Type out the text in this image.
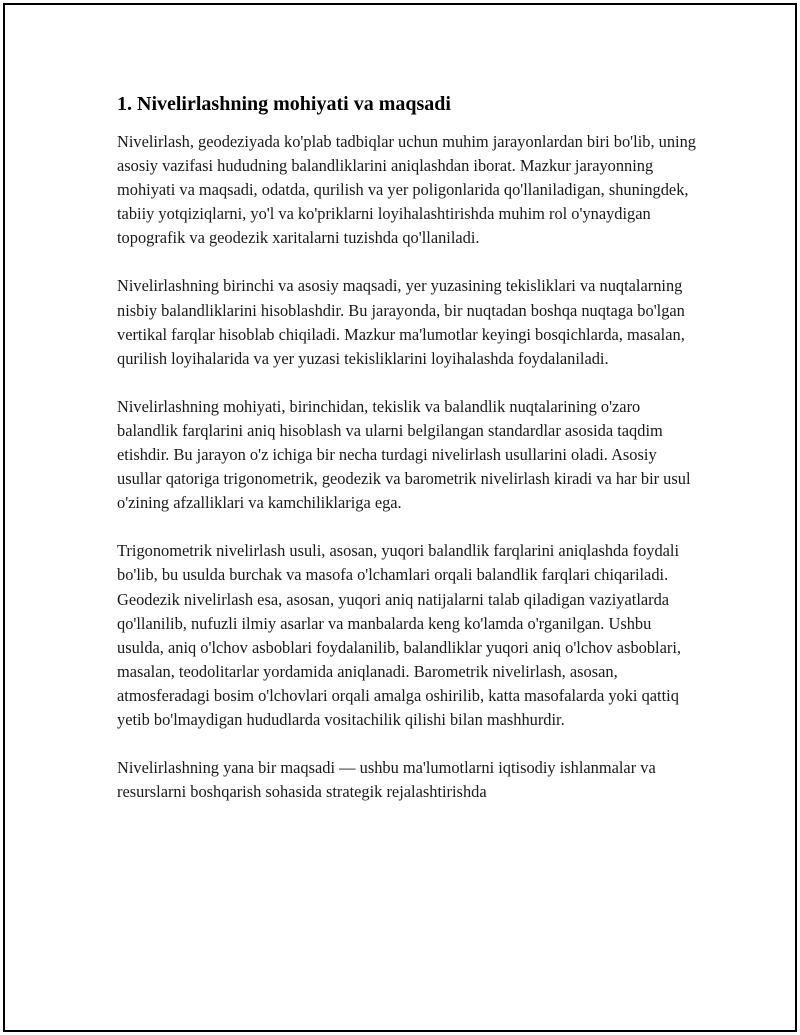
1. Nivelirlashning mohiyati va maqsadi

Nivelirlash, geodeziyada ko'plab tadbiqlar uchun muhim jarayonlardan biri bo'lib, uning asosiy vazifasi hududning balandliklarini aniqlashdan iborat. Mazkur jarayonning mohiyati va maqsadi, odatda, qurilish va yer poligonlarida qo'llaniladigan, shuningdek, tabiiy yotqiziqlarni, yo'l va ko'priklarni loyihalashtirishda muhim rol o'ynaydigan topografik va geodezik xaritalarni tuzishda qo'llaniladi.

Nivelirlashning birinchi va asosiy maqsadi, yer yuzasining tekisliklari va nuqtalarning nisbiy balandliklarini hisoblashdir. Bu jarayonda, bir nuqtadan boshqa nuqtaga bo'lgan vertikal farqlar hisoblab chiqiladi. Mazkur ma'lumotlar keyingi bosqichlarda, masalan, qurilish loyihalarida va yer yuzasi tekisliklarini loyihalashda foydalaniladi.

Nivelirlashning mohiyati, birinchidan, tekislik va balandlik nuqtalarining o'zaro balandlik farqlarini aniq hisoblash va ularni belgilangan standardlar asosida taqdim etishdir. Bu jarayon o'z ichiga bir necha turdagi nivelirlash usullarini oladi. Asosiy usullar qatoriga trigonometrik, geodezik va barometrik nivelirlash kiradi va har bir usul o'zining afzalliklari va kamchiliklariga ega.

Trigonometrik nivelirlash usuli, asosan, yuqori balandlik farqlarini aniqlashda foydali bo'lib, bu usulda burchak va masofa o'lchamlari orqali balandlik farqlari chiqariladi. Geodezik nivelirlash esa, asosan, yuqori aniq natijalarni talab qiladigan vaziyatlarda qo'llanilib, nufuzli ilmiy asarlar va manbalarda keng ko'lamda o'rganilgan. Ushbu usulda, aniq o'lchov asboblari foydalanilib, balandliklar yuqori aniq o'lchov asboblari, masalan, teodolitarlar yordamida aniqlanadi. Barometrik nivelirlash, asosan, atmosferadagi bosim o'lchovlari orqali amalga oshirilib, katta masofalarda yoki qattiq yetib bo'lmaydigan hududlarda vositachilik qilishi bilan mashhurdir.

Nivelirlashning yana bir maqsadi — ushbu ma'lumotlarni iqtisodiy ishlanmalar va resurslarni boshqarish sohasida strategik rejalashtirishda
